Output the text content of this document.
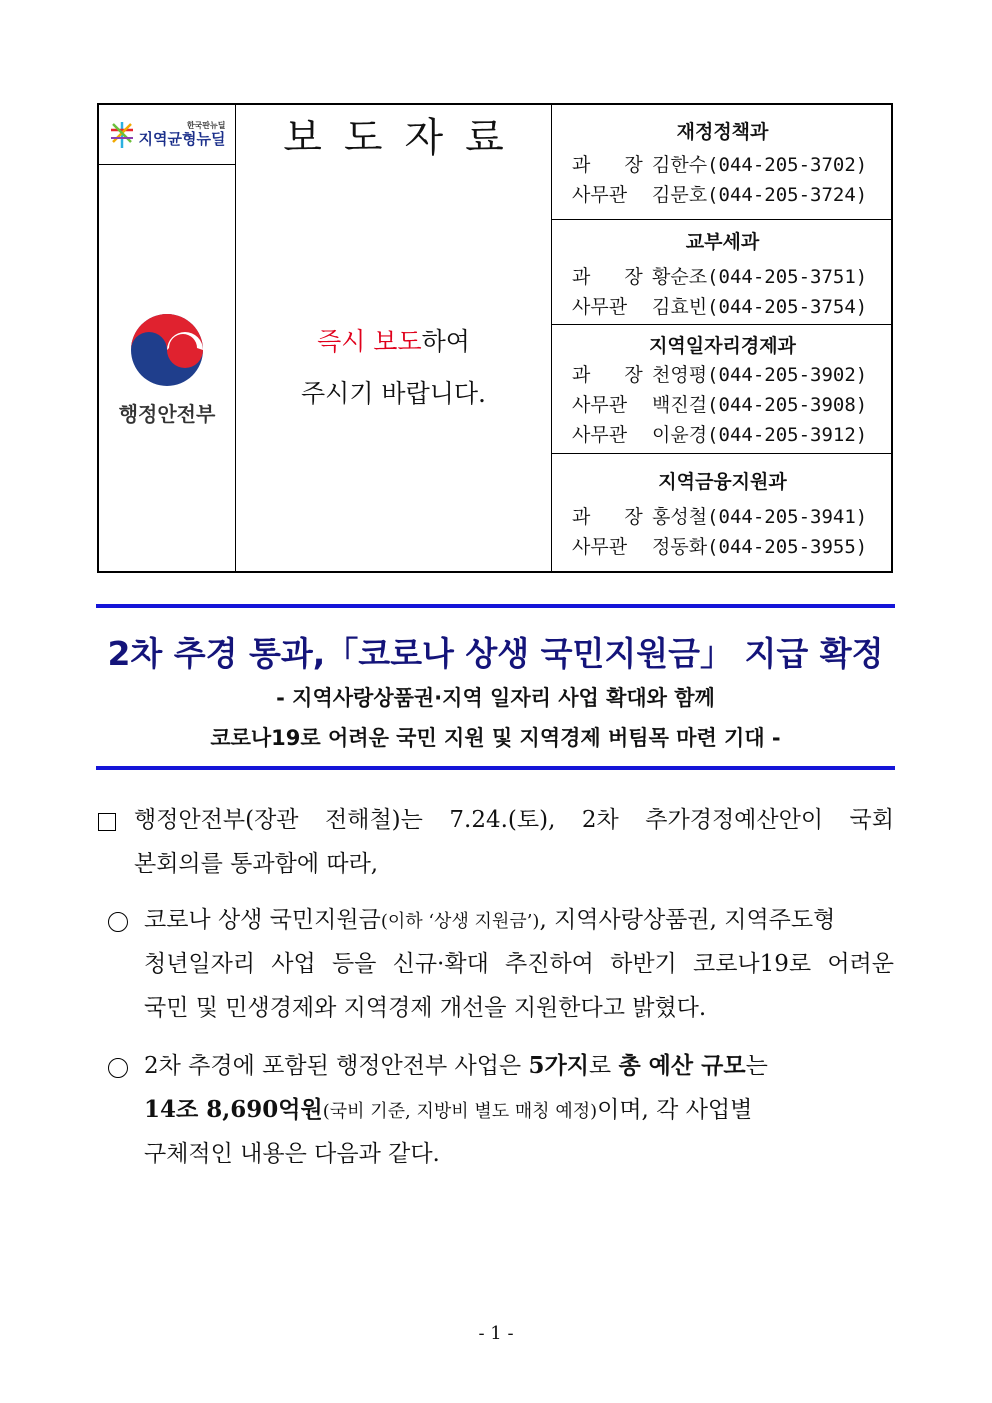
한국판뉴딜
지역균형뉴딜	보도자료
행정안전부
즉시 보도하여
주시기 바랍니다.
재정정책과
과 장김한수(044-205-3702)
사무관 김문호(044-205-3724)
교부세과
과 장황순조(044-205-3751)
사무관 김효빈(044-205-3754)
지역일자리경제과
과 장천영평(044-205-3902)
사무관 백진걸(044-205-3908)
사무관 이윤경(044-205-3912)
지역금융지원과
과 장홍성철(044-205-3941)
사무관 정동화(044-205-3955)
2차 추경 통과,「코로나 상생 국민지원금」 지급 확정
- 지역사랑상품권·지역 일자리 사업 확대와 함께
코로나19로 어려운 국민 지원 및 지역경제 버팀목 마련 기대 -
행정안전부(장관 전해철)는 7.24.(토), 2차 추가경정예산안이 국회
본회의를 통과함에 따라,
코로나 상생 국민지원금(이하 ‘상생 지원금’), 지역사랑상품권, 지역주도형
청년일자리 사업 등을 신규·확대 추진하여 하반기 코로나19로 어려운
국민 및 민생경제와 지역경제 개선을 지원한다고 밝혔다.
2차 추경에 포함된 행정안전부 사업은 5가지로 총 예산 규모는
14조 8,690억원(국비 기준, 지방비 별도 매칭 예정)이며, 각 사업별
구체적인 내용은 다음과 같다.
- 1 -
